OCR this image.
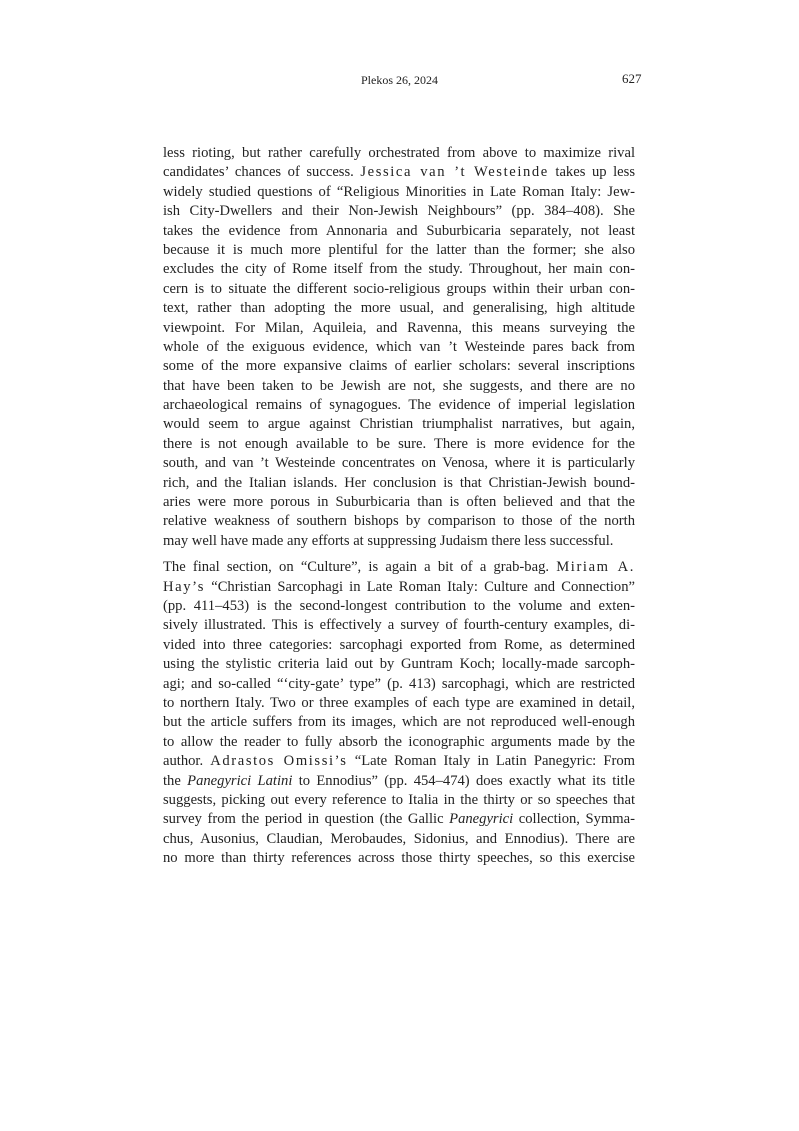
Plekos 26, 2024	627
less rioting, but rather carefully orchestrated from above to maximize rival
candidates’ chances of success. Jessica van ’t Westeinde takes up less
widely studied questions of “Religious Minorities in Late Roman Italy: Jew-
ish City-Dwellers and their Non-Jewish Neighbours” (pp. 384–408). She
takes the evidence from Annonaria and Suburbicaria separately, not least
because it is much more plentiful for the latter than the former; she also
excludes the city of Rome itself from the study. Throughout, her main con-
cern is to situate the different socio-religious groups within their urban con-
text, rather than adopting the more usual, and generalising, high altitude
viewpoint. For Milan, Aquileia, and Ravenna, this means surveying the
whole of the exiguous evidence, which van ’t Westeinde pares back from
some of the more expansive claims of earlier scholars: several inscriptions
that have been taken to be Jewish are not, she suggests, and there are no
archaeological remains of synagogues. The evidence of imperial legislation
would seem to argue against Christian triumphalist narratives, but again,
there is not enough available to be sure. There is more evidence for the
south, and van ’t Westeinde concentrates on Venosa, where it is particularly
rich, and the Italian islands. Her conclusion is that Christian-Jewish bound-
aries were more porous in Suburbicaria than is often believed and that the
relative weakness of southern bishops by comparison to those of the north
may well have made any efforts at suppressing Judaism there less successful.
The final section, on “Culture”, is again a bit of a grab-bag. Miriam A.
Hay’s “Christian Sarcophagi in Late Roman Italy: Culture and Connection”
(pp. 411–453) is the second-longest contribution to the volume and exten-
sively illustrated. This is effectively a survey of fourth-century examples, di-
vided into three categories: sarcophagi exported from Rome, as determined
using the stylistic criteria laid out by Guntram Koch; locally-made sarcoph-
agi; and so-called “‘city-gate’ type” (p. 413) sarcophagi, which are restricted
to northern Italy. Two or three examples of each type are examined in detail,
but the article suffers from its images, which are not reproduced well-enough
to allow the reader to fully absorb the iconographic arguments made by the
author. Adrastos Omissi’s “Late Roman Italy in Latin Panegyric: From
the Panegyrici Latini to Ennodius” (pp. 454–474) does exactly what its title
suggests, picking out every reference to Italia in the thirty or so speeches that
survey from the period in question (the Gallic Panegyrici collection, Symma-
chus, Ausonius, Claudian, Merobaudes, Sidonius, and Ennodius). There are
no more than thirty references across those thirty speeches, so this exercise
